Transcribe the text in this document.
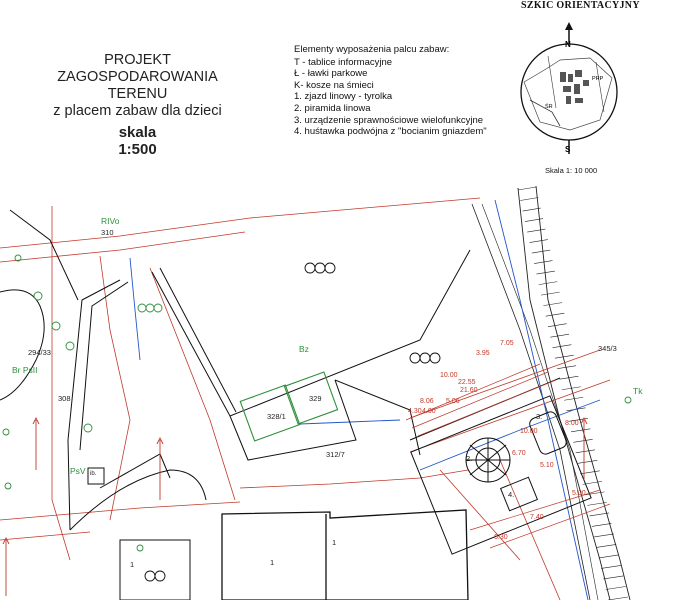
PROJEKT
ZAGOSPODAROWANIA
TERENU
z placem zabaw dla dzieci
skala
1:500
Elementy wyposażenia palcu zabaw:
T - tablice informacyjne
Ł - ławki parkowe
K- kosze na śmieci
1. zjazd linowy - tyrolka
2. piramida linowa
3. urządzenie sprawnościowe wielofunkcyjne
4. huśtawka podwójna z "bocianim gniazdem"
SZKIC ORIENTACYJNY
Skala 1: 10 000
N
S
PRP
ŚR
310
294/33
308
312/7
328/1
329
345/3
RIVo
Bz
Br PsII
PsV
Tk
ib.
1
1
1
2.
3.
4.
7.05
3.95
10.00
22.55
21.60
8.06 5.06
4.30 4.00
10.00
6.70
5.10
8.00
7.40
6.30
5.00
